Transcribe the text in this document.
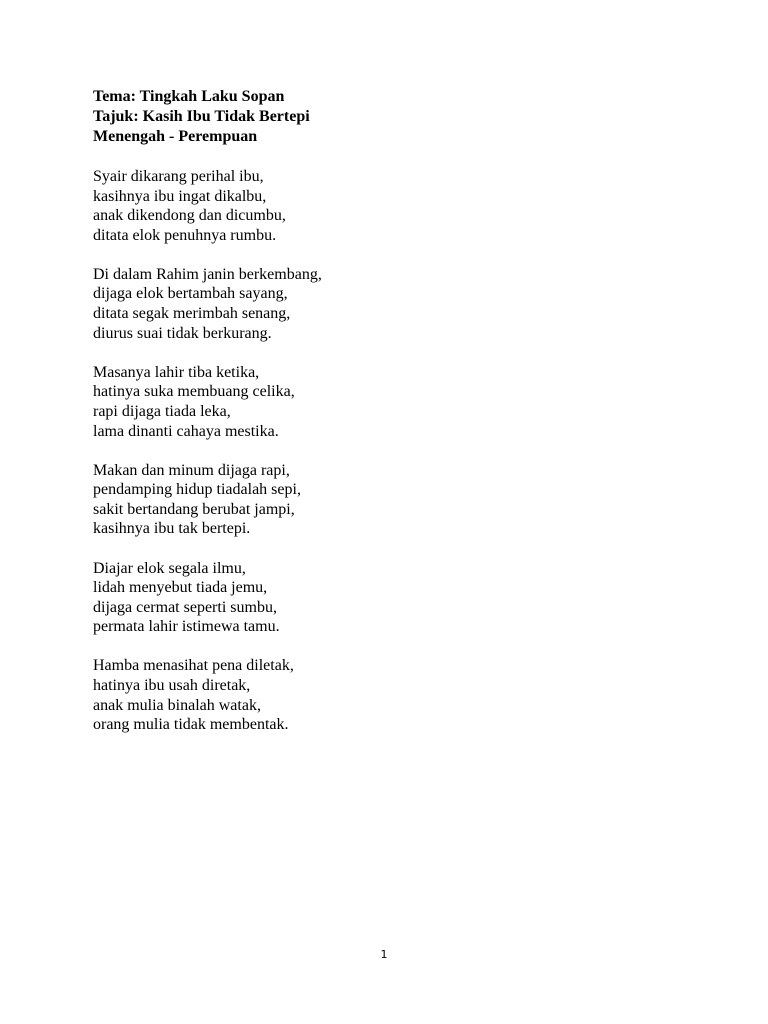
Tema: Tingkah Laku Sopan
Tajuk: Kasih Ibu Tidak Bertepi
Menengah - Perempuan
Syair dikarang perihal ibu,
kasihnya ibu ingat dikalbu,
anak dikendong dan dicumbu,
ditata elok penuhnya rumbu.
Di dalam Rahim janin berkembang,
dijaga elok bertambah sayang,
ditata segak merimbah senang,
diurus suai tidak berkurang.
Masanya lahir tiba ketika,
hatinya suka membuang celika,
rapi dijaga tiada leka,
lama dinanti cahaya mestika.
Makan dan minum dijaga rapi,
pendamping hidup tiadalah sepi,
sakit bertandang berubat jampi,
kasihnya ibu tak bertepi.
Diajar elok segala ilmu,
lidah menyebut tiada jemu,
dijaga cermat seperti sumbu,
permata lahir istimewa tamu.
Hamba menasihat pena diletak,
hatinya ibu usah diretak,
anak mulia binalah watak,
orang mulia tidak membentak.
1
